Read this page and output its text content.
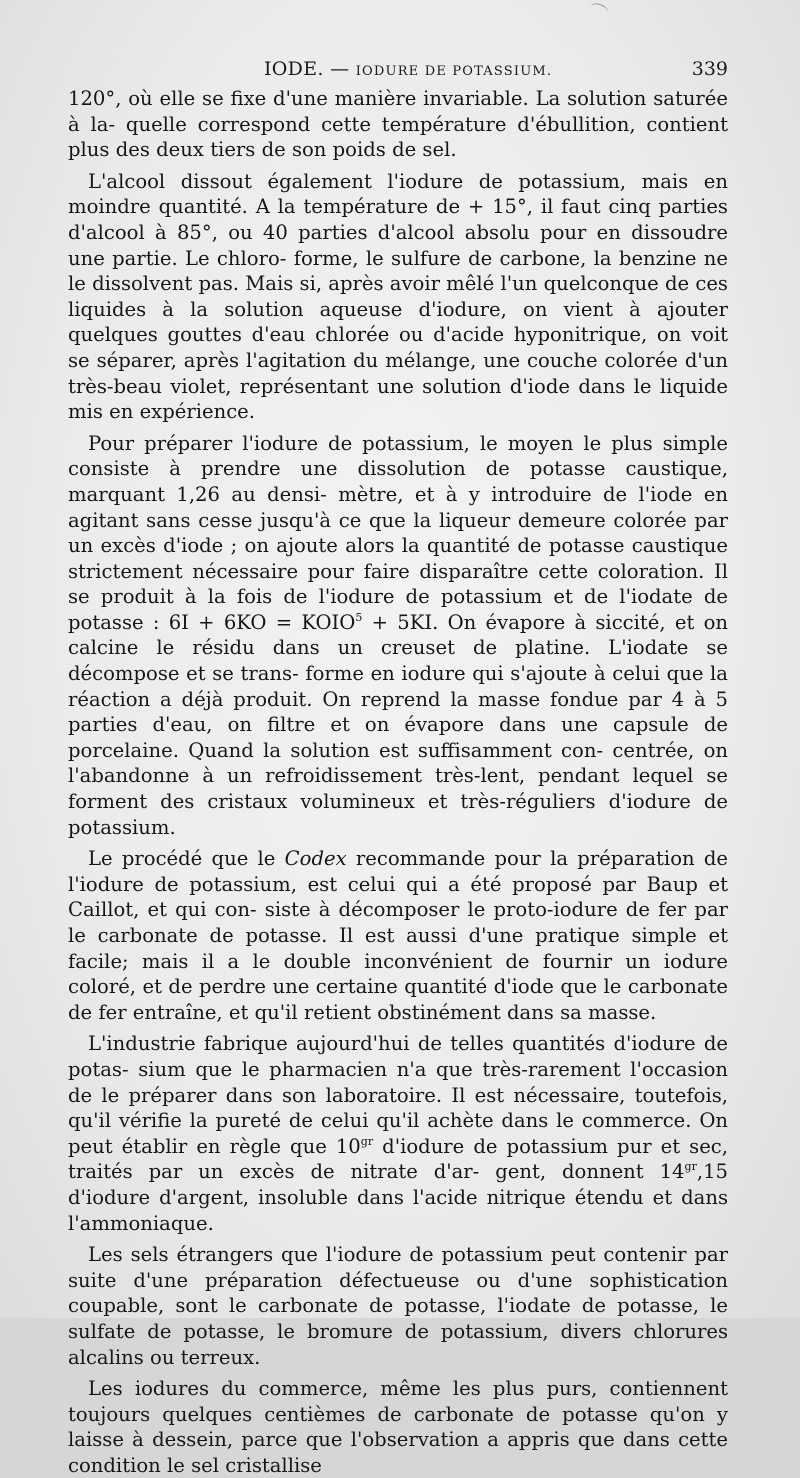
IODE. — IODURE DE POTASSIUM.	339

120°, où elle se fixe d'une manière invariable. La solution saturée à la- quelle correspond cette température d'ébullition, contient plus des deux tiers de son poids de sel.

L'alcool dissout également l'iodure de potassium, mais en moindre quantité. A la température de + 15°, il faut cinq parties d'alcool à 85°, ou 40 parties d'alcool absolu pour en dissoudre une partie. Le chloro- forme, le sulfure de carbone, la benzine ne le dissolvent pas. Mais si, après avoir mêlé l'un quelconque de ces liquides à la solution aqueuse d'iodure, on vient à ajouter quelques gouttes d'eau chlorée ou d'acide hyponitrique, on voit se séparer, après l'agitation du mélange, une couche colorée d'un très-beau violet, représentant une solution d'iode dans le liquide mis en expérience.

Pour préparer l'iodure de potassium, le moyen le plus simple consiste à prendre une dissolution de potasse caustique, marquant 1,26 au densi- mètre, et à y introduire de l'iode en agitant sans cesse jusqu'à ce que la liqueur demeure colorée par un excès d'iode ; on ajoute alors la quantité de potasse caustique strictement nécessaire pour faire disparaître cette coloration. Il se produit à la fois de l'iodure de potassium et de l'iodate de potasse : $6I + 6KO = KOIO^5 + 5KI$. On évapore à siccité, et on calcine le résidu dans un creuset de platine. L'iodate se décompose et se trans- forme en iodure qui s'ajoute à celui que la réaction a déjà produit. On reprend la masse fondue par 4 à 5 parties d'eau, on filtre et on évapore dans une capsule de porcelaine. Quand la solution est suffisamment con- centrée, on l'abandonne à un refroidissement très-lent, pendant lequel se forment des cristaux volumineux et très-réguliers d'iodure de potassium.

Le procédé que le Codex recommande pour la préparation de l'iodure de potassium, est celui qui a été proposé par Baup et Caillot, et qui con- siste à décomposer le proto-iodure de fer par le carbonate de potasse. Il est aussi d'une pratique simple et facile; mais il a le double inconvénient de fournir un iodure coloré, et de perdre une certaine quantité d'iode que le carbonate de fer entraîne, et qu'il retient obstinément dans sa masse.

L'industrie fabrique aujourd'hui de telles quantités d'iodure de potas- sium que le pharmacien n'a que très-rarement l'occasion de le préparer dans son laboratoire. Il est nécessaire, toutefois, qu'il vérifie la pureté de celui qu'il achète dans le commerce. On peut établir en règle que $10^{gr}$ d'iodure de potassium pur et sec, traités par un excès de nitrate d'ar- gent, donnent $14^{gr},15$ d'iodure d'argent, insoluble dans l'acide nitrique étendu et dans l'ammoniaque.

Les sels étrangers que l'iodure de potassium peut contenir par suite d'une préparation défectueuse ou d'une sophistication coupable, sont le carbonate de potasse, l'iodate de potasse, le sulfate de potasse, le bromure de potassium, divers chlorures alcalins ou terreux.

Les iodures du commerce, même les plus purs, contiennent toujours quelques centièmes de carbonate de potasse qu'on y laisse à dessein, parce que l'observation a appris que dans cette condition le sel cristallise
